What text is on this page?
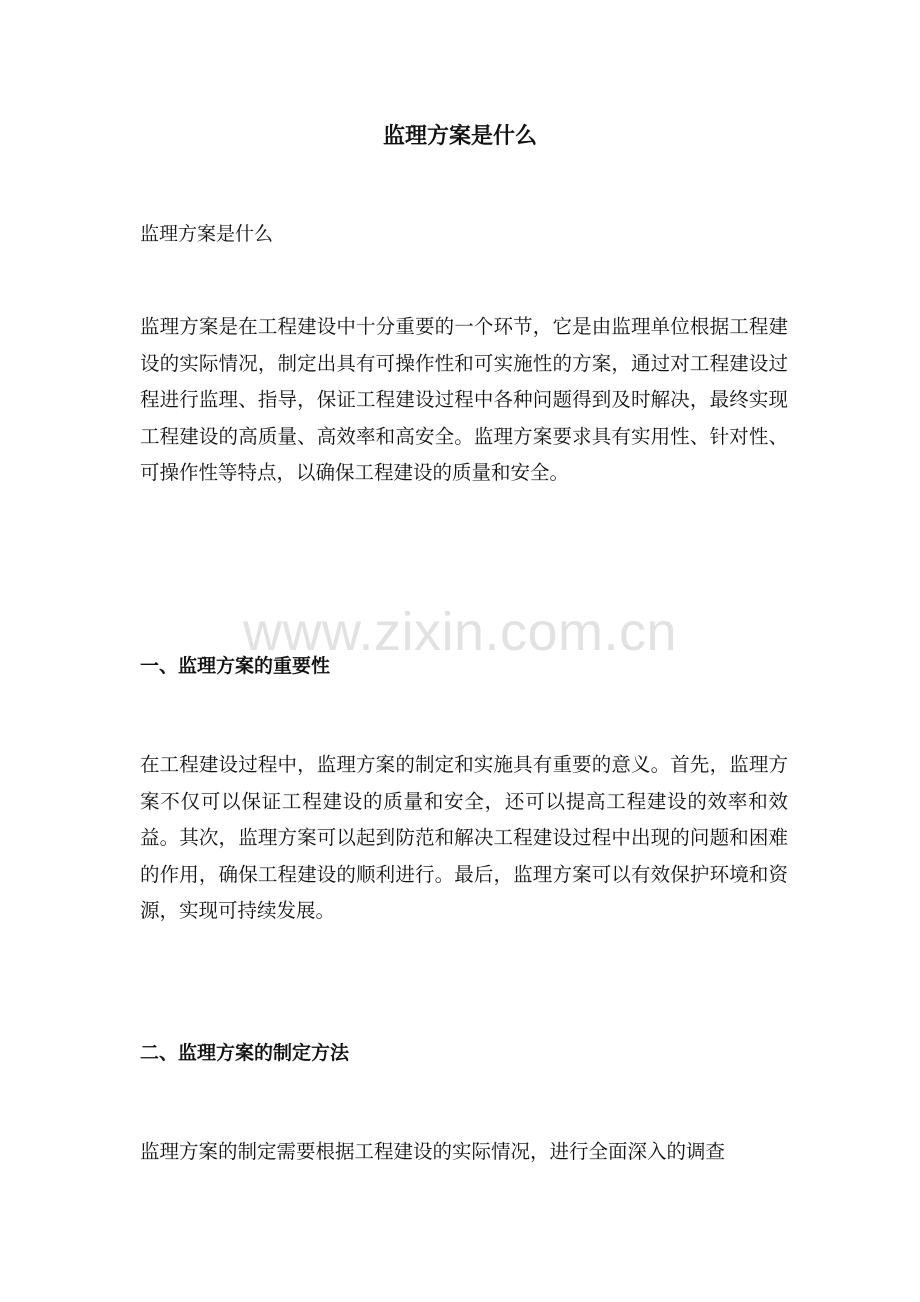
监理方案是什么

监理方案是什么

监理方案是在工程建设中十分重要的一个环节，它是由监理单位根据工程建设的实际情况，制定出具有可操作性和可实施性的方案，通过对工程建设过程进行监理、指导，保证工程建设过程中各种问题得到及时解决，最终实现工程建设的高质量、高效率和高安全。监理方案要求具有实用性、针对性、可操作性等特点，以确保工程建设的质量和安全。

一、监理方案的重要性

在工程建设过程中，监理方案的制定和实施具有重要的意义。首先，监理方案不仅可以保证工程建设的质量和安全，还可以提高工程建设的效率和效益。其次，监理方案可以起到防范和解决工程建设过程中出现的问题和困难的作用，确保工程建设的顺利进行。最后，监理方案可以有效保护环境和资源，实现可持续发展。

二、监理方案的制定方法

监理方案的制定需要根据工程建设的实际情况，进行全面深入的调查

www.zixin.com.cn
